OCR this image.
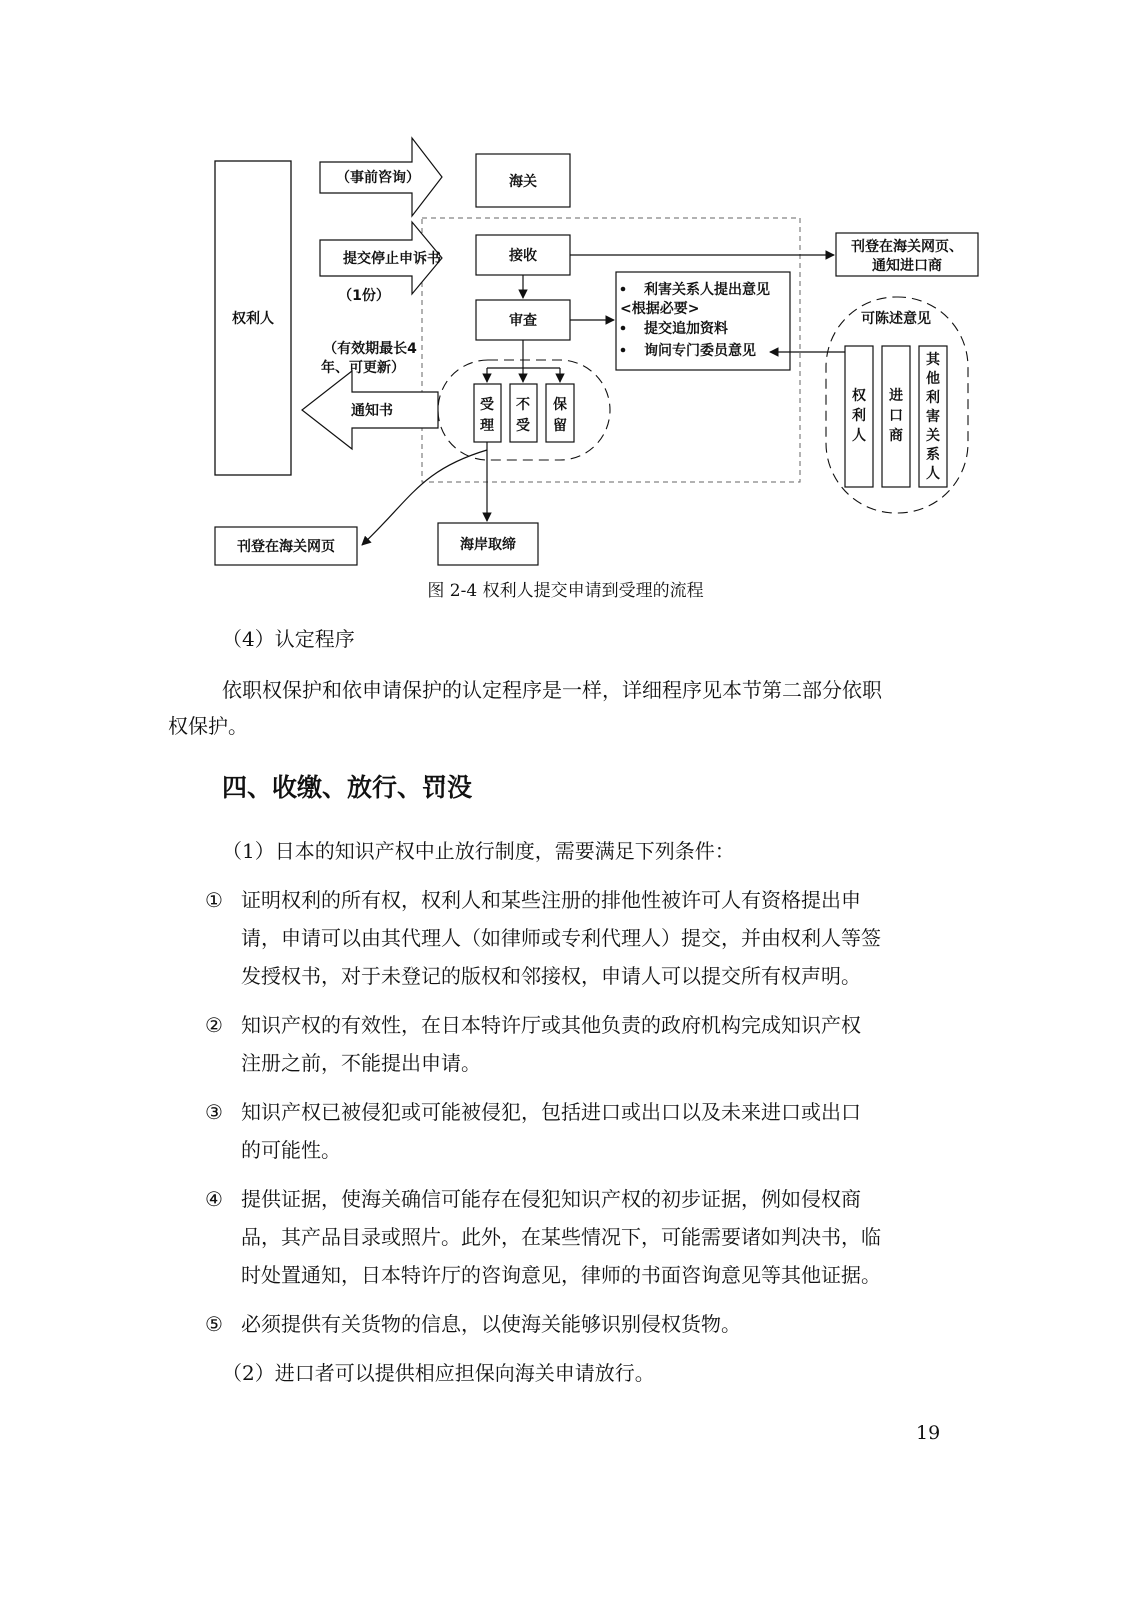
权利人
（事前咨询）	海关
提交停止申诉书
（1份）
接收
刊登在海关网页、
通知进口商
审查
利害关系人提出意见
<根据必要>
提交追加资料
询问专门委员意见
（有效期最长4
年、可更新）
通知书	受
理
不
受
保
留
刊登在海关网页	海岸取缔
可陈述意见
权
利
人
进
口
商
其
他
利
害
关
系
人
图 2-4 权利人提交申请到受理的流程
（4）认定程序
依职权保护和依申请保护的认定程序是一样，详细程序见本节第二部分依职
权保护。
四、收缴、放行、罚没
（1）日本的知识产权中止放行制度，需要满足下列条件：
① 证明权利的所有权，权利人和某些注册的排他性被许可人有资格提出申
请，申请可以由其代理人（如律师或专利代理人）提交，并由权利人等签
发授权书，对于未登记的版权和邻接权，申请人可以提交所有权声明。
② 知识产权的有效性，在日本特许厅或其他负责的政府机构完成知识产权
注册之前，不能提出申请。
③ 知识产权已被侵犯或可能被侵犯，包括进口或出口以及未来进口或出口
的可能性。
④ 提供证据，使海关确信可能存在侵犯知识产权的初步证据，例如侵权商
品，其产品目录或照片。此外，在某些情况下，可能需要诸如判决书，临
时处置通知，日本特许厅的咨询意见，律师的书面咨询意见等其他证据。
⑤ 必须提供有关货物的信息，以使海关能够识别侵权货物。
（2）进口者可以提供相应担保向海关申请放行。
19
